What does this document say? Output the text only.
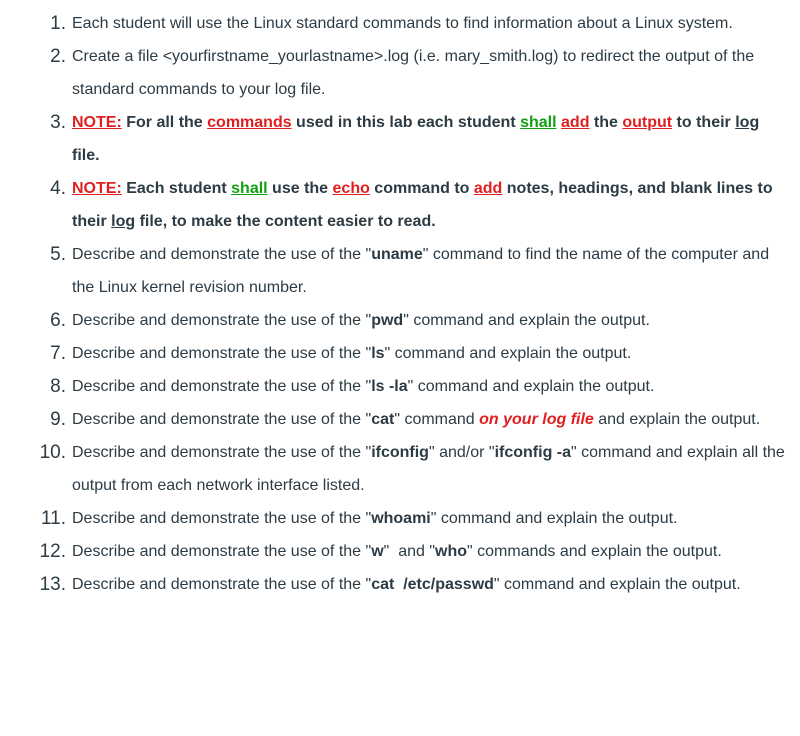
1. Each student will use the Linux standard commands to find information about a Linux system.
2. Create a file <yourfirstname_yourlastname>.log (i.e. mary_smith.log) to redirect the output of the standard commands to your log file.
3. NOTE: For all the commands used in this lab each student shall add the output to their log file.
4. NOTE: Each student shall use the echo command to add notes, headings, and blank lines to their log file, to make the content easier to read.
5. Describe and demonstrate the use of the "uname" command to find the name of the computer and the Linux kernel revision number.
6. Describe and demonstrate the use of the "pwd" command and explain the output.
7. Describe and demonstrate the use of the "ls" command and explain the output.
8. Describe and demonstrate the use of the "ls -la" command and explain the output.
9. Describe and demonstrate the use of the "cat" command on your log file and explain the output.
10. Describe and demonstrate the use of the "ifconfig" and/or "ifconfig -a" command and explain all the output from each network interface listed.
11. Describe and demonstrate the use of the "whoami" command and explain the output.
12. Describe and demonstrate the use of the "w"  and "who" commands and explain the output.
13. Describe and demonstrate the use of the "cat  /etc/passwd" command and explain the output.
